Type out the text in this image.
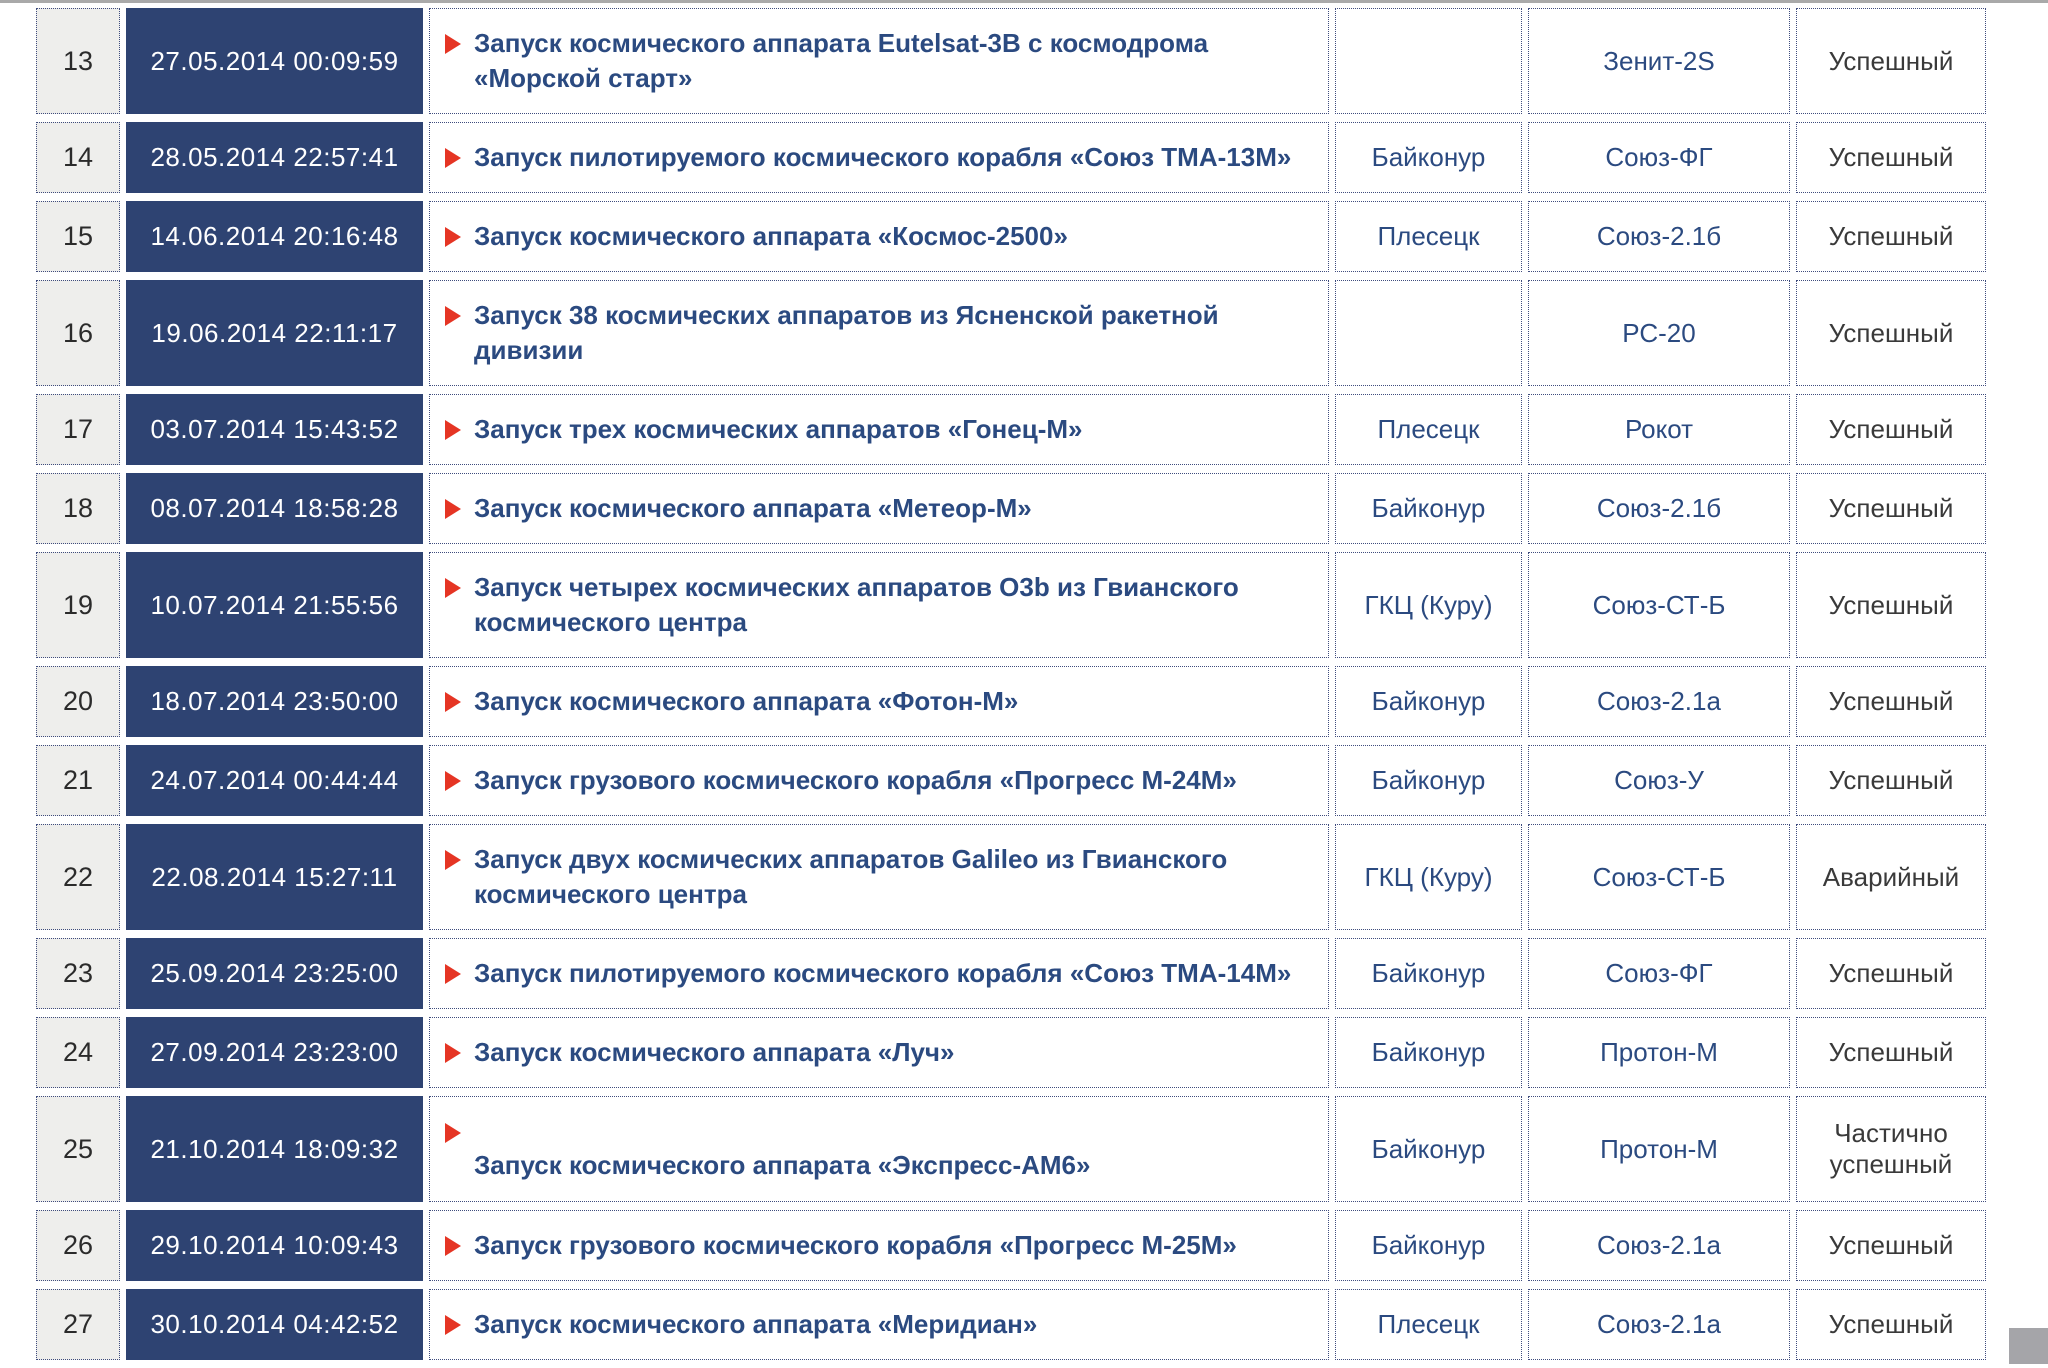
13	27.05.2014 00:09:59	Запуск космического аппарата Eutelsat-3B с космодрома «Морской старт»		Зенит-2S	Успешный
14	28.05.2014 22:57:41	Запуск пилотируемого космического корабля «Союз ТМА-13М»	Байконур	Союз-ФГ	Успешный
15	14.06.2014 20:16:48	Запуск космического аппарата «Космос-2500»	Плесецк	Союз-2.1б	Успешный
16	19.06.2014 22:11:17	Запуск 38 космических аппаратов из Ясненской ракетной дивизии		РС-20	Успешный
17	03.07.2014 15:43:52	Запуск трех космических аппаратов «Гонец-М»	Плесецк	Рокот	Успешный
18	08.07.2014 18:58:28	Запуск космического аппарата «Метеор-М»	Байконур	Союз-2.1б	Успешный
19	10.07.2014 21:55:56	Запуск четырех космических аппаратов O3b из Гвианского космического центра	ГКЦ (Куру)	Союз-СТ-Б	Успешный
20	18.07.2014 23:50:00	Запуск космического аппарата «Фотон-М»	Байконур	Союз-2.1а	Успешный
21	24.07.2014 00:44:44	Запуск грузового космического корабля «Прогресс М-24М»	Байконур	Союз-У	Успешный
22	22.08.2014 15:27:11	Запуск двух космических аппаратов Galileo из Гвианского космического центра	ГКЦ (Куру)	Союз-СТ-Б	Аварийный
23	25.09.2014 23:25:00	Запуск пилотируемого космического корабля «Союз ТМА-14М»	Байконур	Союз-ФГ	Успешный
24	27.09.2014 23:23:00	Запуск космического аппарата «Луч»	Байконур	Протон-М	Успешный
25	21.10.2014 18:09:32	Запуск космического аппарата «Экспресс-АМ6»	Байконур	Протон-М	Частично успешный
26	29.10.2014 10:09:43	Запуск грузового космического корабля «Прогресс М-25М»	Байконур	Союз-2.1а	Успешный
27	30.10.2014 04:42:52	Запуск космического аппарата «Меридиан»	Плесецк	Союз-2.1а	Успешный
